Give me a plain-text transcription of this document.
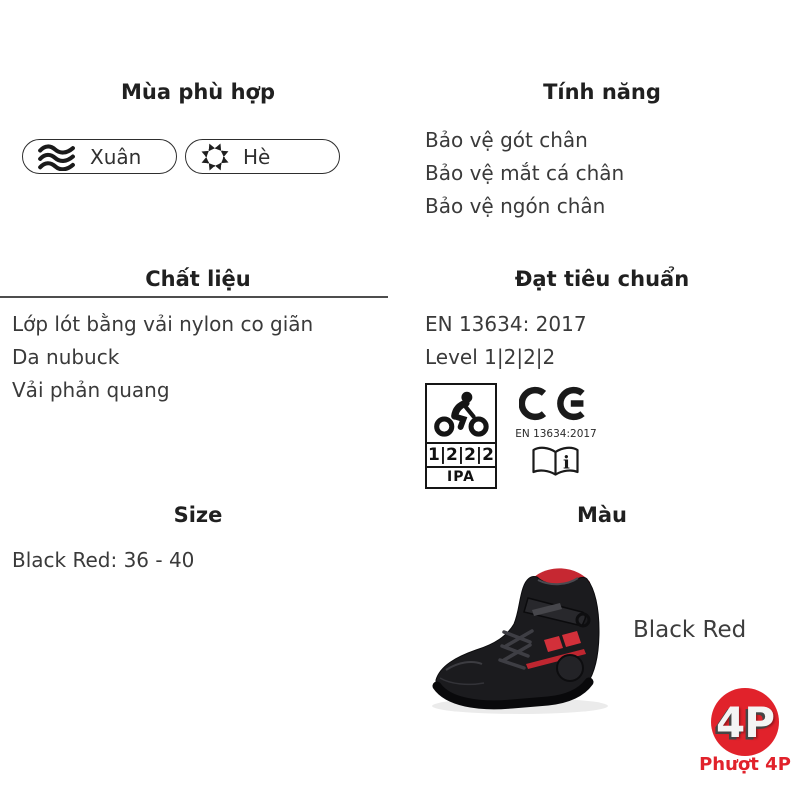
Mùa phù hợp
Xuân	Hè
Tính năng
Bảo vệ gót chân
Bảo vệ mắt cá chân
Bảo vệ ngón chân
Chất liệu
Lớp lót bằng vải nylon co giãn
Da nubuck
Vải phản quang
Đạt tiêu chuẩn
EN 13634: 2017
Level 1|2|2|2
1|2|2|2
IPA
EN 13634:2017
i
Size
Black Red: 36 - 40
Màu
Black Red
4P
Phượt 4P
